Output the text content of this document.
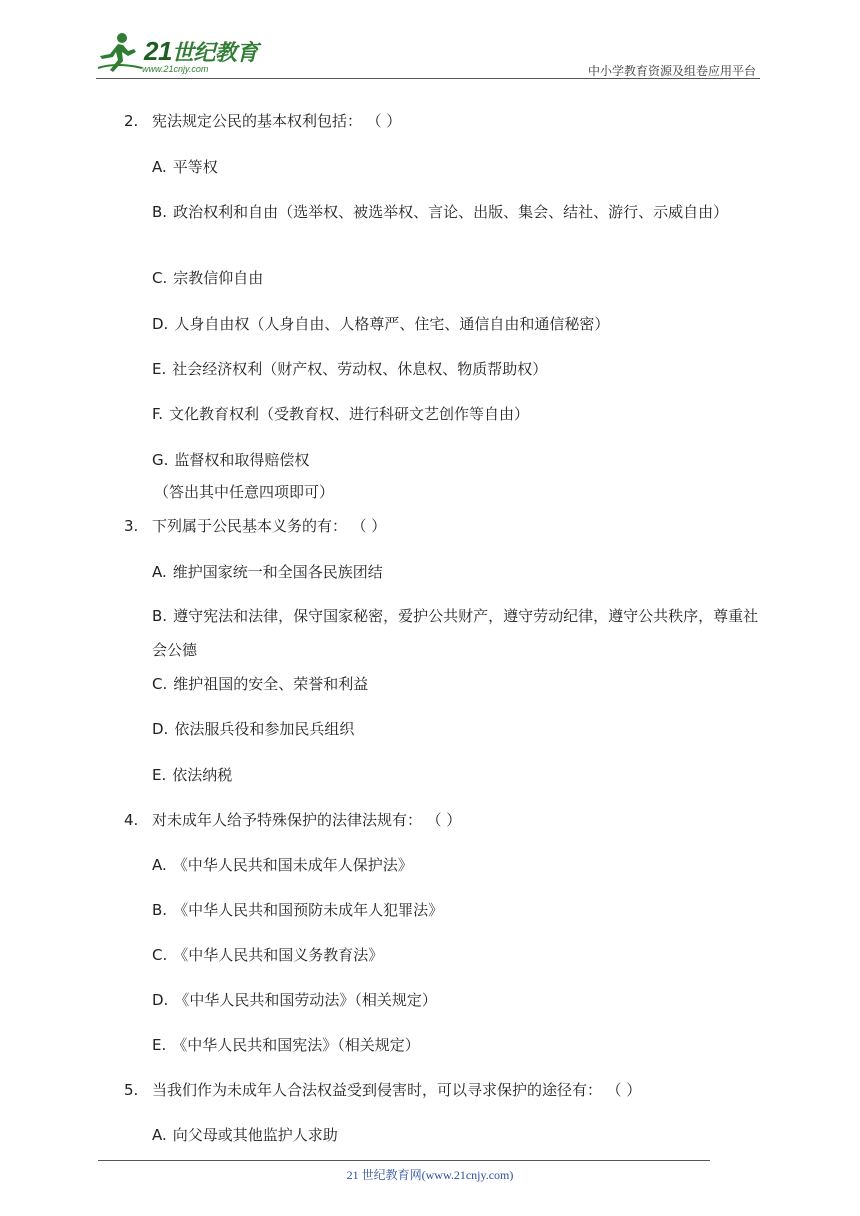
21世纪教育
www.21cnjy.com	中小学教育资源及组卷应用平台
2. 宪法规定公民的基本权利包括： （ ）
A. 平等权
B. 政治权利和自由（选举权、被选举权、言论、出版、集会、结社、游行、示威自由）
C. 宗教信仰自由
D. 人身自由权（人身自由、人格尊严、住宅、通信自由和通信秘密）
E. 社会经济权利（财产权、劳动权、休息权、物质帮助权）
F. 文化教育权利（受教育权、进行科研文艺创作等自由）
G. 监督权和取得赔偿权
（答出其中任意四项即可）
3. 下列属于公民基本义务的有： （ ）
A. 维护国家统一和全国各民族团结
B. 遵守宪法和法律，保守国家秘密，爱护公共财产，遵守劳动纪律，遵守公共秩序，尊重社会公德
C. 维护祖国的安全、荣誉和利益
D. 依法服兵役和参加民兵组织
E. 依法纳税
4. 对未成年人给予特殊保护的法律法规有： （ ）
A. 《中华人民共和国未成年人保护法》
B. 《中华人民共和国预防未成年人犯罪法》
C. 《中华人民共和国义务教育法》
D. 《中华人民共和国劳动法》（相关规定）
E. 《中华人民共和国宪法》（相关规定）
5. 当我们作为未成年人合法权益受到侵害时，可以寻求保护的途径有： （ ）
A. 向父母或其他监护人求助
21 世纪教育网(www.21cnjy.com)
